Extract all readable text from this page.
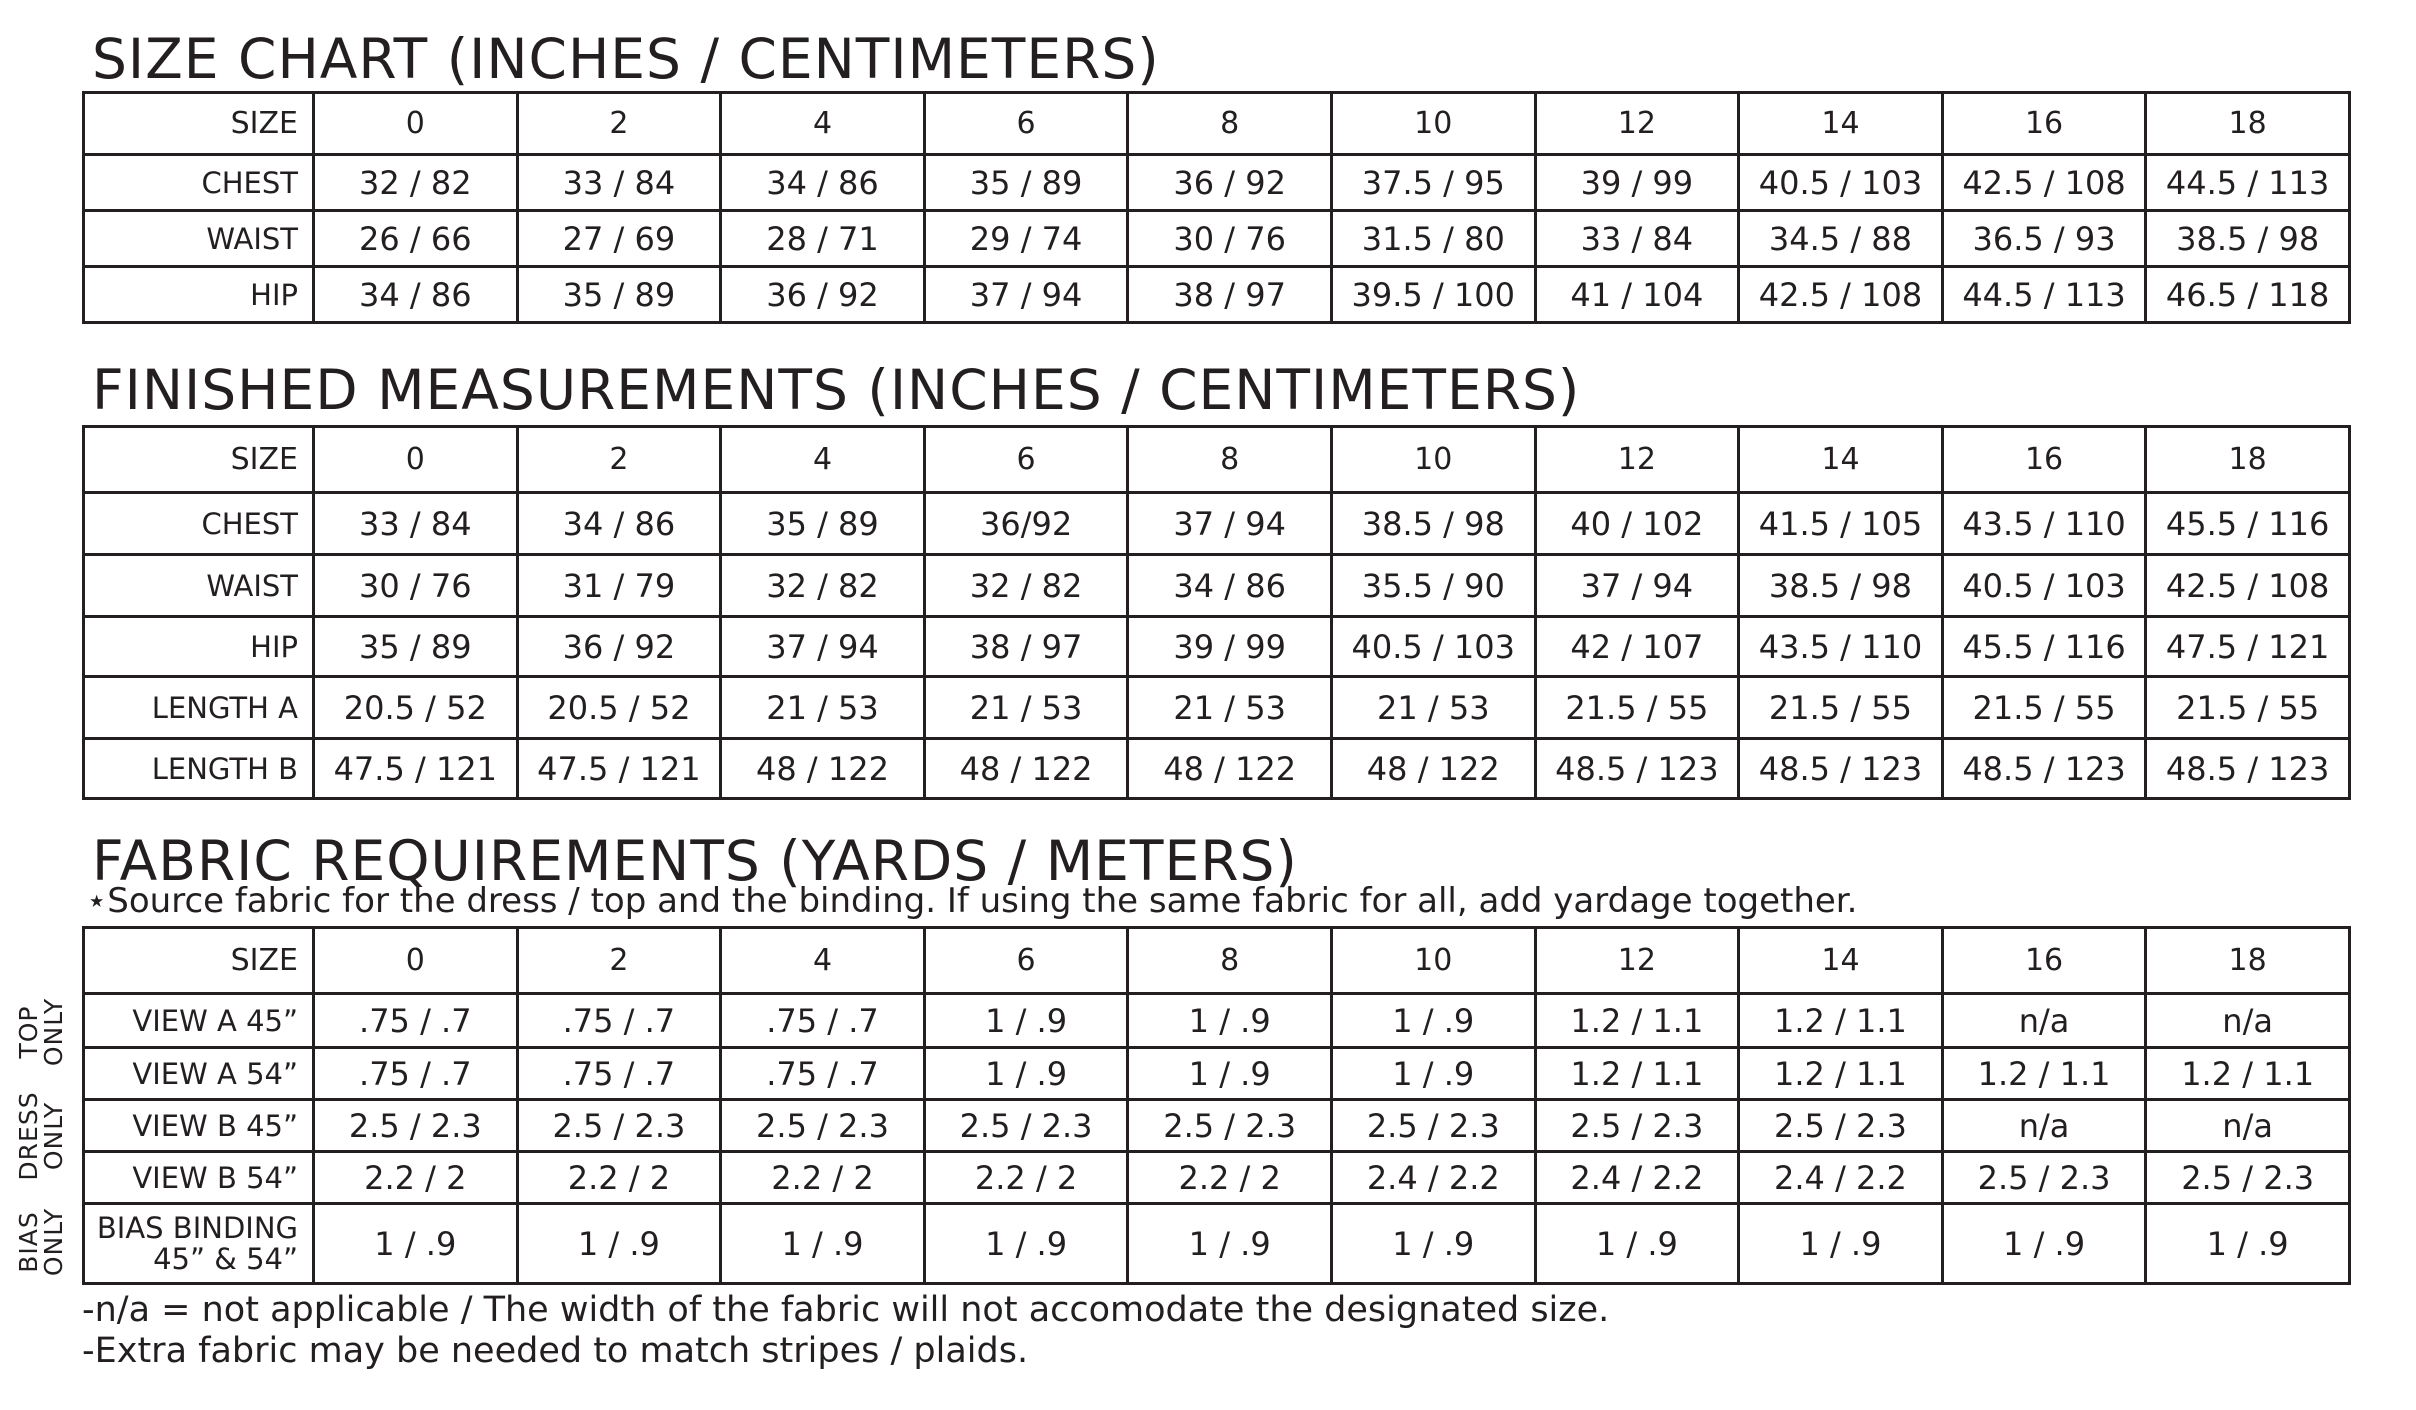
SIZE CHART (INCHES / CENTIMETERS)
SIZE	0	2	4	6	8	10	12	14	16	18
CHEST	32 / 82	33 / 84	34 / 86	35 / 89	36 / 92	37.5 / 95	39 / 99	40.5 / 103	42.5 / 108	44.5 / 113
WAIST	26 / 66	27 / 69	28 / 71	29 / 74	30 / 76	31.5 / 80	33 / 84	34.5 / 88	36.5 / 93	38.5 / 98
HIP	34 / 86	35 / 89	36 / 92	37 / 94	38 / 97	39.5 / 100	41 / 104	42.5 / 108	44.5 / 113	46.5 / 118
FINISHED MEASUREMENTS (INCHES / CENTIMETERS)
SIZE	0	2	4	6	8	10	12	14	16	18
CHEST	33 / 84	34 / 86	35 / 89	36/92	37 / 94	38.5 / 98	40 / 102	41.5 / 105	43.5 / 110	45.5 / 116
WAIST	30 / 76	31 / 79	32 / 82	32 / 82	34 / 86	35.5 / 90	37 / 94	38.5 / 98	40.5 / 103	42.5 / 108
HIP	35 / 89	36 / 92	37 / 94	38 / 97	39 / 99	40.5 / 103	42 / 107	43.5 / 110	45.5 / 116	47.5 / 121
LENGTH A	20.5 / 52	20.5 / 52	21 / 53	21 / 53	21 / 53	21 / 53	21.5 / 55	21.5 / 55	21.5 / 55	21.5 / 55
LENGTH B	47.5 / 121	47.5 / 121	48 / 122	48 / 122	48 / 122	48 / 122	48.5 / 123	48.5 / 123	48.5 / 123	48.5 / 123
FABRIC REQUIREMENTS (YARDS / METERS)

⋆Source fabric for the dress / top and the binding. If using the same fabric for all, add yardage together.

TOP
ONLY
DRESS
ONLY
BIAS
ONLY
SIZE	0	2	4	6	8	10	12	14	16	18
VIEW A 45”	.75 / .7	.75 / .7	.75 / .7	1 / .9	1 / .9	1 / .9	1.2 / 1.1	1.2 / 1.1	n/a	n/a
VIEW A 54”	.75 / .7	.75 / .7	.75 / .7	1 / .9	1 / .9	1 / .9	1.2 / 1.1	1.2 / 1.1	1.2 / 1.1	1.2 / 1.1
VIEW B 45”	2.5 / 2.3	2.5 / 2.3	2.5 / 2.3	2.5 / 2.3	2.5 / 2.3	2.5 / 2.3	2.5 / 2.3	2.5 / 2.3	n/a	n/a
VIEW B 54”	2.2 / 2	2.2 / 2	2.2 / 2	2.2 / 2	2.2 / 2	2.4 / 2.2	2.4 / 2.2	2.4 / 2.2	2.5 / 2.3	2.5 / 2.3

BIAS BINDING
45” & 54”	1 / .9	1 / .9	1 / .9	1 / .9	1 / .9	1 / .9	1 / .9	1 / .9	1 / .9	1 / .9

-n/a = not applicable / The width of the fabric will not accomodate the designated size.

-Extra fabric may be needed to match stripes / plaids.
